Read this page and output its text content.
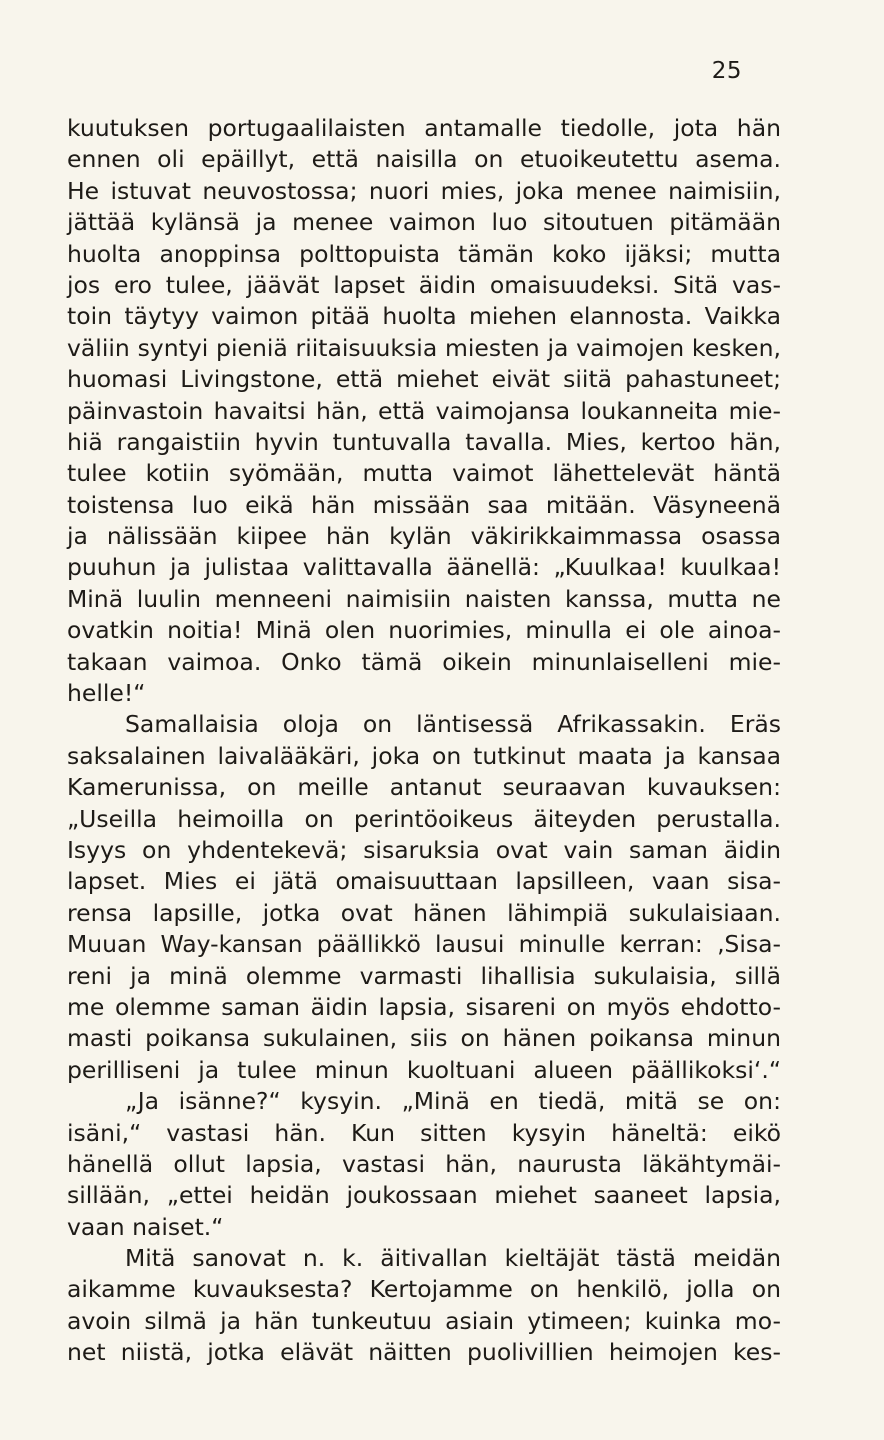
25
kuutuksen portugaalilaisten antamalle tiedolle, jota hän
ennen oli epäillyt, että naisilla on etuoikeutettu asema.
He istuvat neuvostossa; nuori mies, joka menee naimisiin,
jättää kylänsä ja menee vaimon luo sitoutuen pitämään
huolta anoppinsa polttopuista tämän koko ijäksi; mutta
jos ero tulee, jäävät lapset äidin omaisuudeksi. Sitä vas-
toin täytyy vaimon pitää huolta miehen elannosta. Vaikka
väliin syntyi pieniä riitaisuuksia miesten ja vaimojen kesken,
huomasi Livingstone, että miehet eivät siitä pahastuneet;
päinvastoin havaitsi hän, että vaimojansa loukanneita mie-
hiä rangaistiin hyvin tuntuvalla tavalla. Mies, kertoo hän,
tulee kotiin syömään, mutta vaimot lähettelevät häntä
toistensa luo eikä hän missään saa mitään. Väsyneenä
ja nälissään kiipee hän kylän väkirikkaimmassa osassa
puuhun ja julistaa valittavalla äänellä: „Kuulkaa! kuulkaa!
Minä luulin menneeni naimisiin naisten kanssa, mutta ne
ovatkin noitia! Minä olen nuorimies, minulla ei ole ainoa-
takaan vaimoa. Onko tämä oikein minunlaiselleni mie-
helle!“
Samallaisia oloja on läntisessä Afrikassakin. Eräs
saksalainen laivalääkäri, joka on tutkinut maata ja kansaa
Kamerunissa, on meille antanut seuraavan kuvauksen:
„Useilla heimoilla on perintöoikeus äiteyden perustalla.
Isyys on yhdentekevä; sisaruksia ovat vain saman äidin
lapset. Mies ei jätä omaisuuttaan lapsilleen, vaan sisa-
rensa lapsille, jotka ovat hänen lähimpiä sukulaisiaan.
Muuan Way-kansan päällikkö lausui minulle kerran: ‚Sisa-
reni ja minä olemme varmasti lihallisia sukulaisia, sillä
me olemme saman äidin lapsia, sisareni on myös ehdotto-
masti poikansa sukulainen, siis on hänen poikansa minun
perilliseni ja tulee minun kuoltuani alueen päällikoksi‘.“
„Ja isänne?“ kysyin. „Minä en tiedä, mitä se on:
isäni,“ vastasi hän. Kun sitten kysyin häneltä: eikö
hänellä ollut lapsia, vastasi hän, naurusta läkähtymäi-
sillään, „ettei heidän joukossaan miehet saaneet lapsia,
vaan naiset.“
Mitä sanovat n. k. äitivallan kieltäjät tästä meidän
aikamme kuvauksesta? Kertojamme on henkilö, jolla on
avoin silmä ja hän tunkeutuu asiain ytimeen; kuinka mo-
net niistä, jotka elävät näitten puolivillien heimojen kes-
